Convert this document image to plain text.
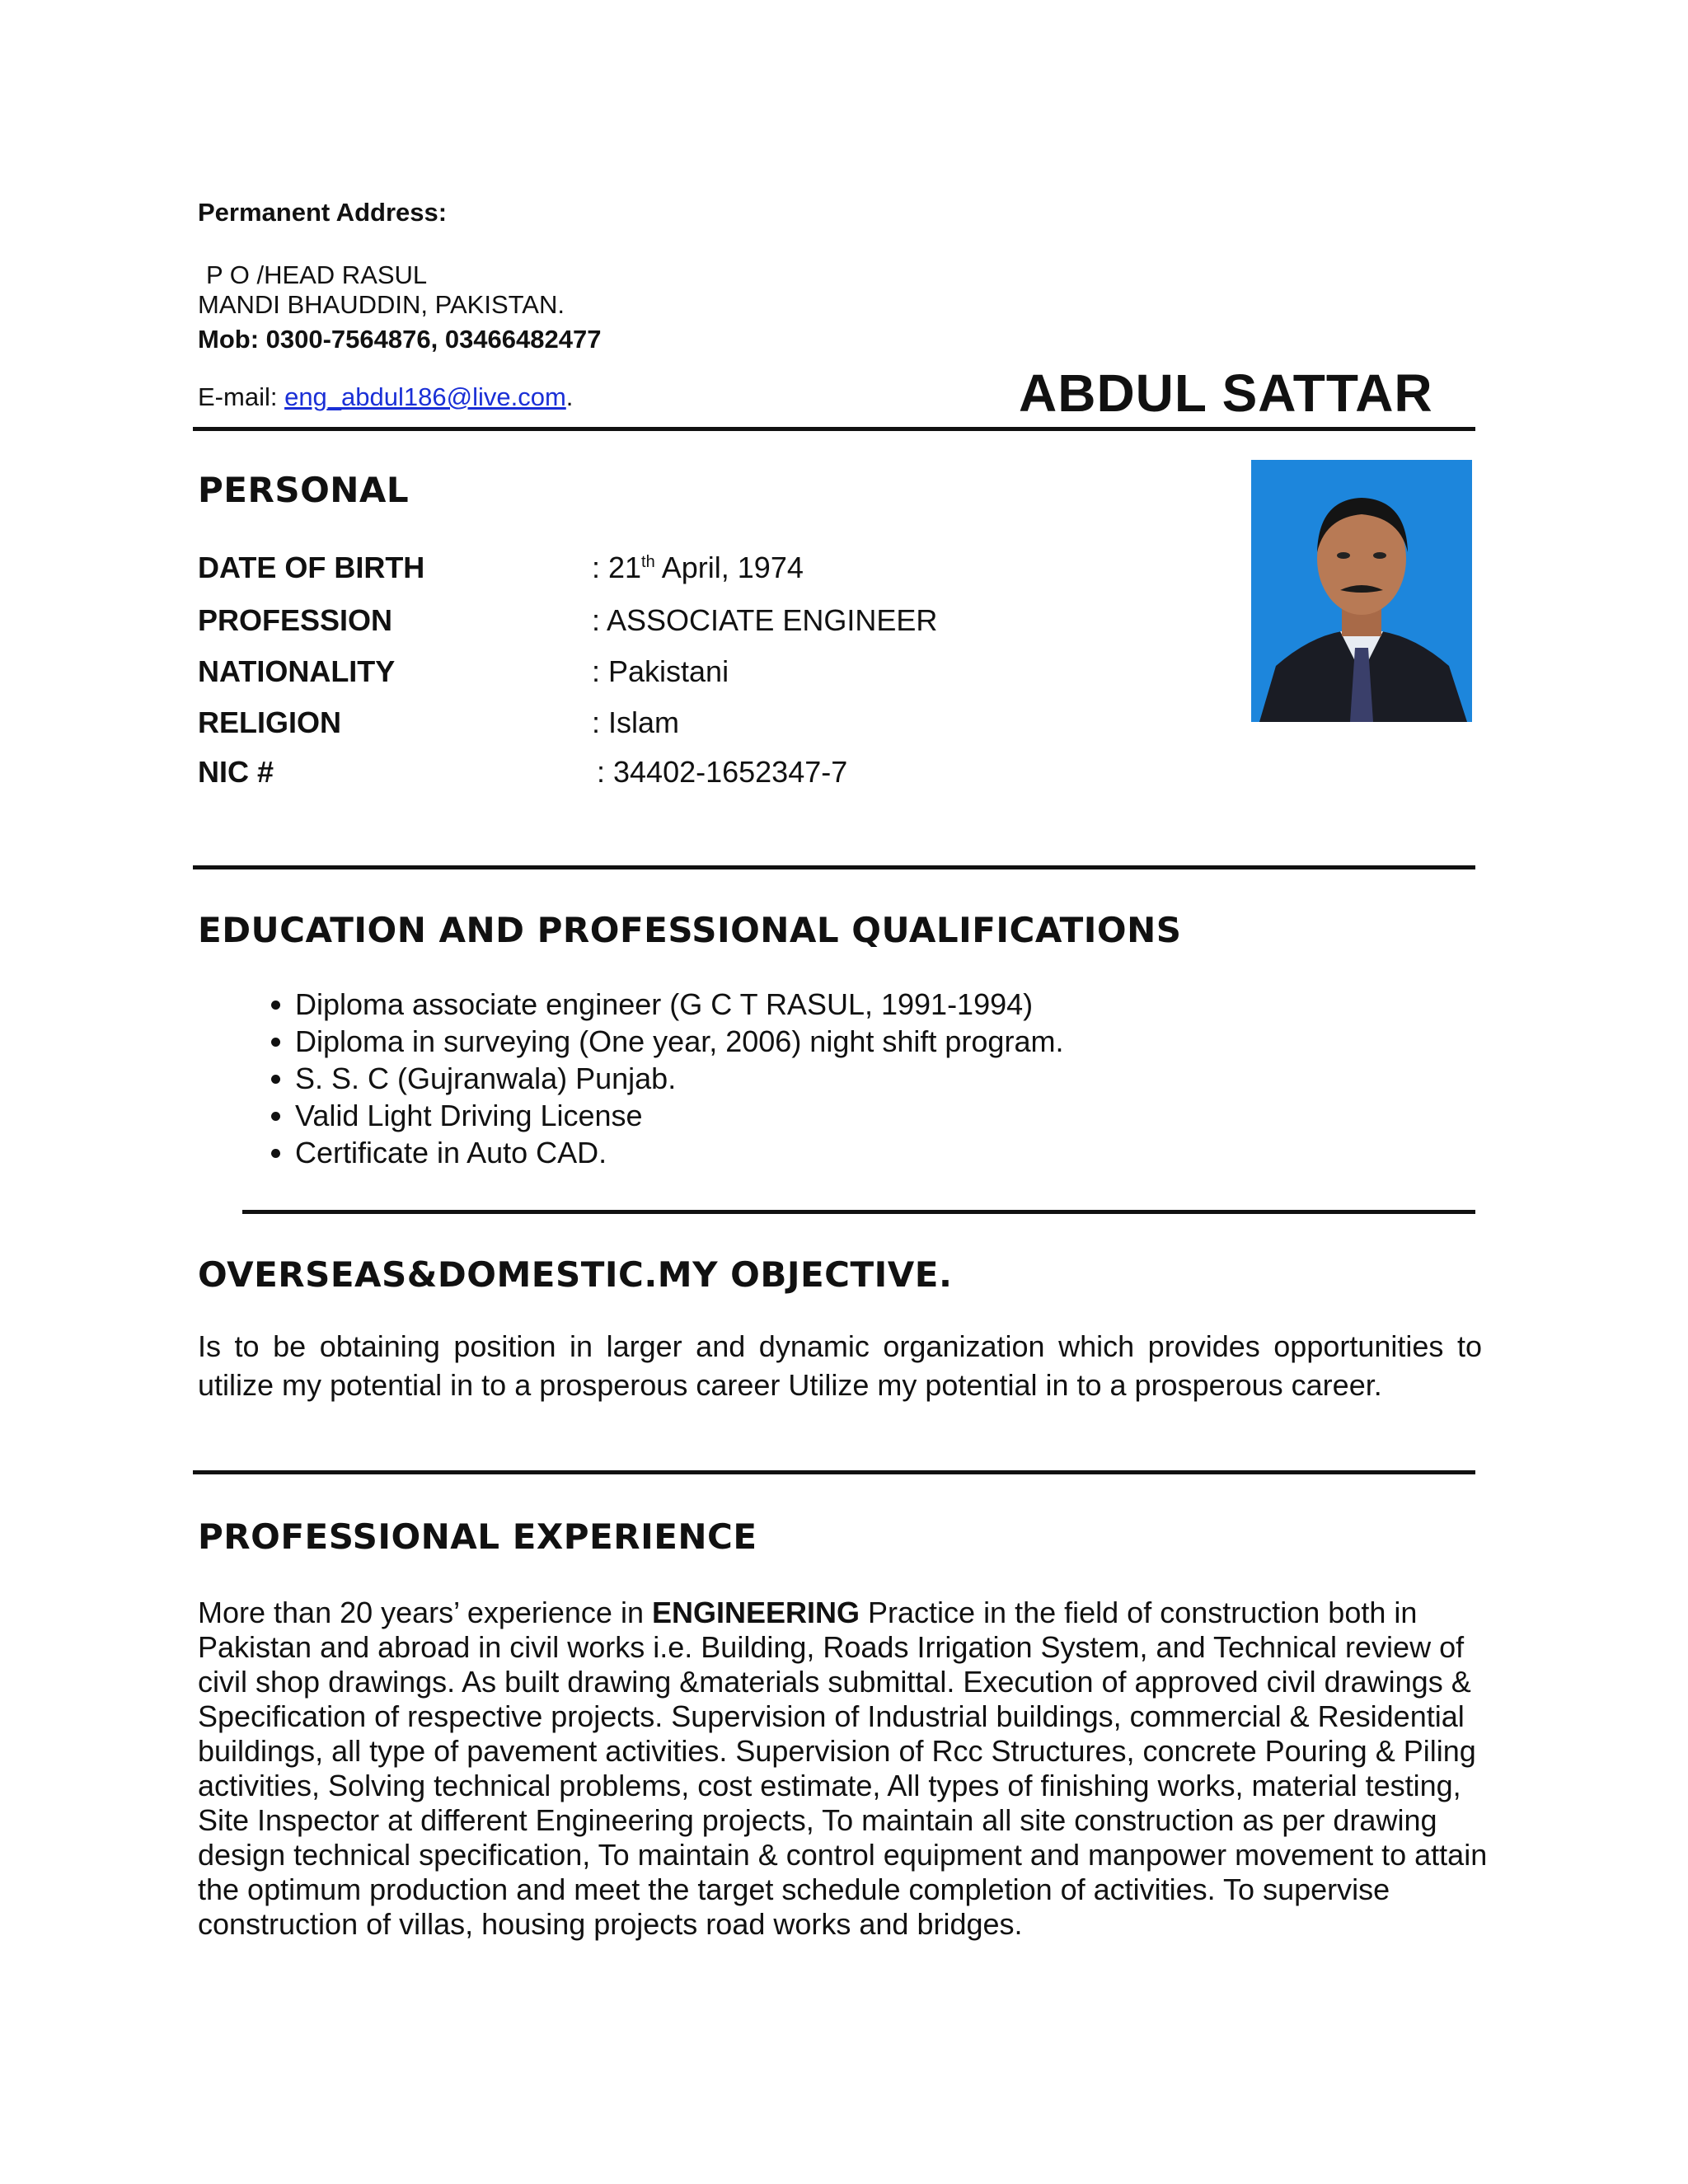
Permanent Address:
P O /HEAD RASUL
MANDI BHAUDDIN, PAKISTAN.
Mob: 0300-7564876, 03466482477
E-mail: eng_abdul186@live.com.	ABDUL SATTAR
PERSONAL
DATE OF BIRTH	: 21th April, 1974
PROFESSION	: ASSOCIATE ENGINEER
NATIONALITY	: Pakistani
RELIGION	: Islam
NIC #	: 34402-1652347-7
EDUCATION AND PROFESSIONAL QUALIFICATIONS
• Diploma associate engineer (G C T RASUL, 1991-1994)
• Diploma in surveying (One year, 2006) night shift program.
• S. S. C (Gujranwala) Punjab.
• Valid Light Driving License
• Certificate in Auto CAD.
OVERSEAS&DOMESTIC.MY OBJECTIVE.
Is to be obtaining position in larger and dynamic organization which provides opportunities to utilize my potential in to a prosperous career Utilize my potential in to a prosperous career.
PROFESSIONAL EXPERIENCE
More than 20 years’ experience in ENGINEERING Practice in the field of construction both in Pakistan and abroad in civil works i.e. Building, Roads Irrigation System, and Technical review of civil shop drawings. As built drawing &materials submittal. Execution of approved civil drawings & Specification of respective projects. Supervision of Industrial buildings, commercial & Residential buildings, all type of pavement activities. Supervision of Rcc Structures, concrete Pouring & Piling activities, Solving technical problems, cost estimate, All types of finishing works, material testing, Site Inspector at different Engineering projects, To maintain all site construction as per drawing design technical specification, To maintain & control equipment and manpower movement to attain the optimum production and meet the target schedule completion of activities. To supervise construction of villas, housing projects road works and bridges.
